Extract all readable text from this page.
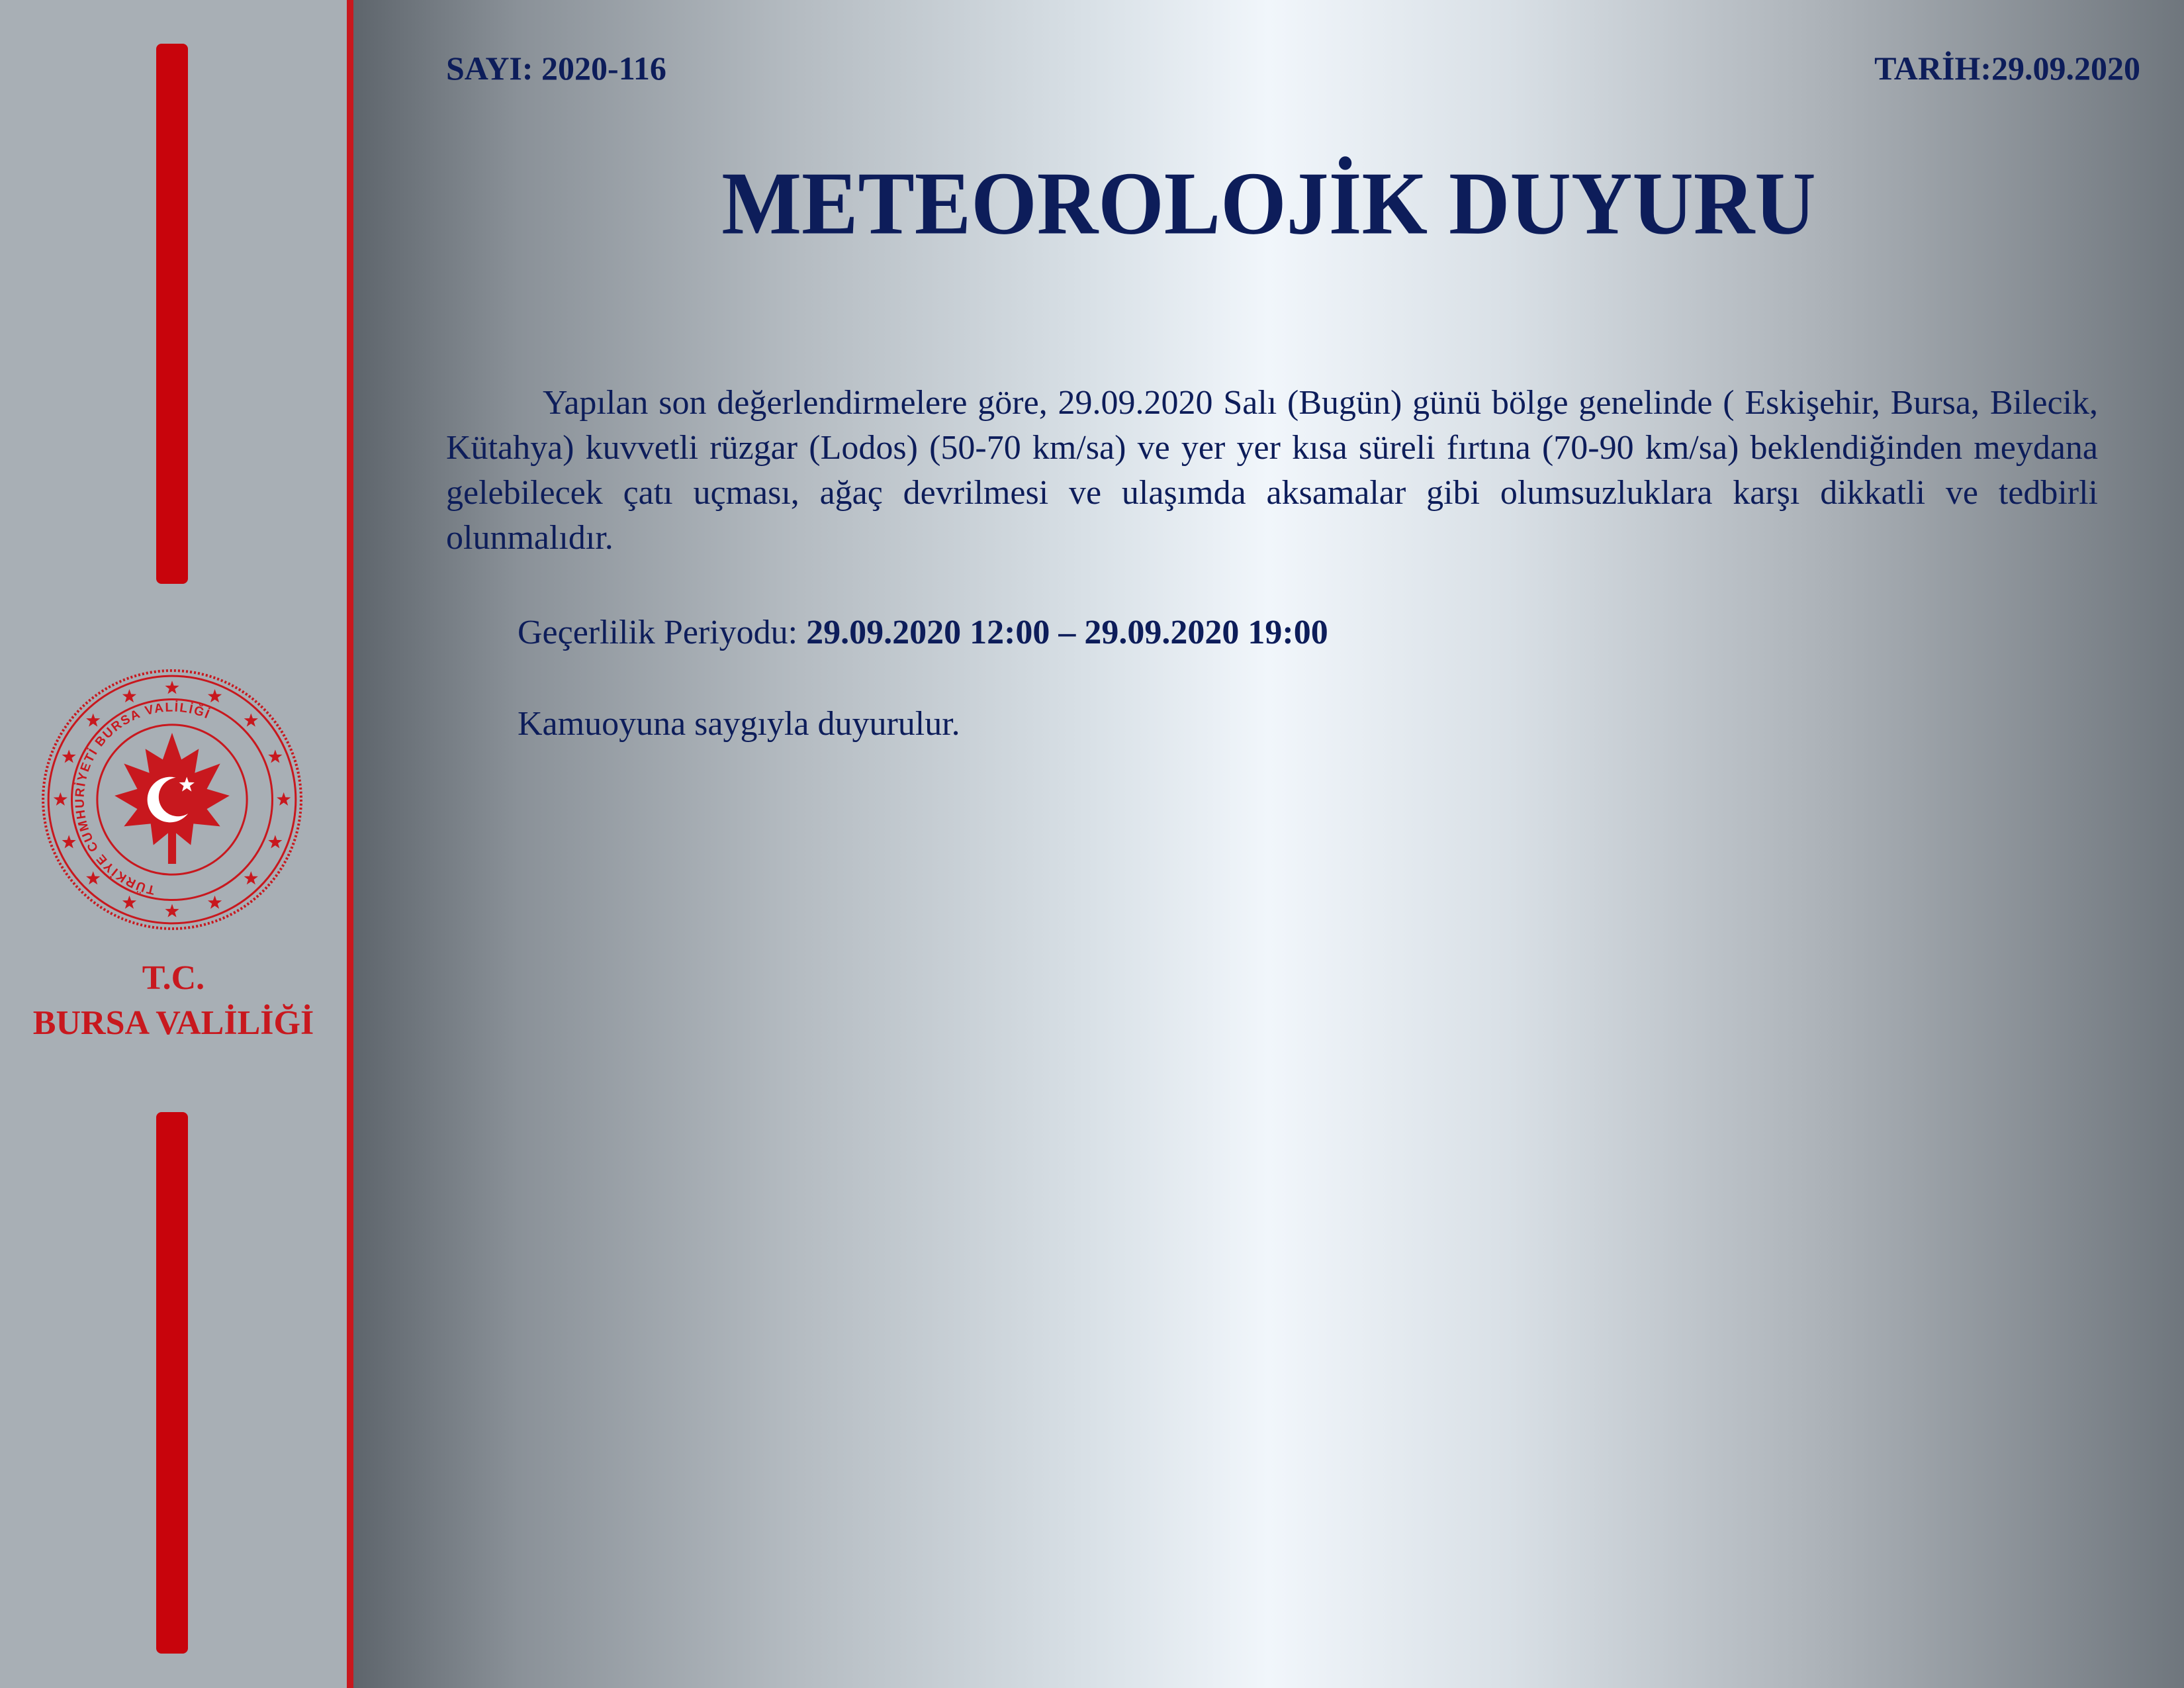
TÜRKİYE CUMHURİYETİ BURSA VALİLİĞİ
T.C.
BURSA VALİLİĞİ
SAYI: 2020-116	TARİH:29.09.2020
METEOROLOJİK DUYURU

Yapılan son değerlendirmelere göre, 29.09.2020 Salı (Bugün) günü bölge genelinde ( Eskişehir, Bursa, Bilecik, Kütahya) kuvvetli rüzgar (Lodos) (50-70 km/sa) ve yer yer kısa süreli fırtına (70-90 km/sa) beklendiğinden meydana gelebilecek çatı uçması, ağaç devrilmesi ve ulaşımda aksamalar gibi olumsuzluklara karşı dikkatli ve tedbirli olunmalıdır.

Geçerlilik Periyodu: 29.09.2020 12:00 – 29.09.2020 19:00
Kamuoyuna saygıyla duyurulur.
